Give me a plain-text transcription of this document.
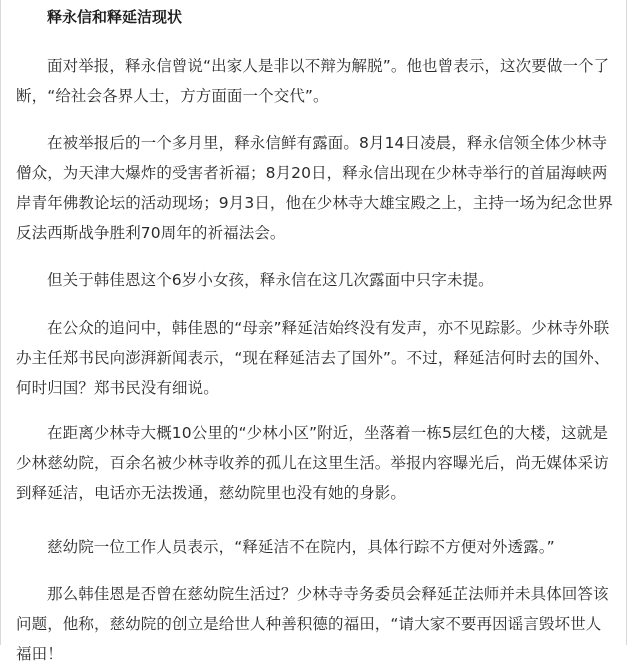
释永信和释延洁现状

面对举报，释永信曾说“出家人是非以不辩为解脱”。他也曾表示，这次要做一个了断，“给社会各界人士，方方面面一个交代”。

在被举报后的一个多月里，释永信鲜有露面。8月14日凌晨，释永信领全体少林寺僧众，为天津大爆炸的受害者祈福；8月20日，释永信出现在少林寺举行的首届海峡两岸青年佛教论坛的活动现场；9月3日，他在少林寺大雄宝殿之上，主持一场为纪念世界反法西斯战争胜利70周年的祈福法会。

但关于韩佳恩这个6岁小女孩，释永信在这几次露面中只字未提。

在公众的追问中，韩佳恩的“母亲”释延洁始终没有发声，亦不见踪影。少林寺外联办主任郑书民向澎湃新闻表示，“现在释延洁去了国外”。不过，释延洁何时去的国外、何时归国？郑书民没有细说。

在距离少林寺大概10公里的“少林小区”附近，坐落着一栋5层红色的大楼，这就是少林慈幼院，百余名被少林寺收养的孤儿在这里生活。举报内容曝光后，尚无媒体采访到释延洁，电话亦无法拨通，慈幼院里也没有她的身影。

慈幼院一位工作人员表示，“释延洁不在院内，具体行踪不方便对外透露。”

那么韩佳恩是否曾在慈幼院生活过？少林寺寺务委员会释延芷法师并未具体回答该问题，他称，慈幼院的创立是给世人种善积德的福田，“请大家不要再因谣言毁坏世人福田！
